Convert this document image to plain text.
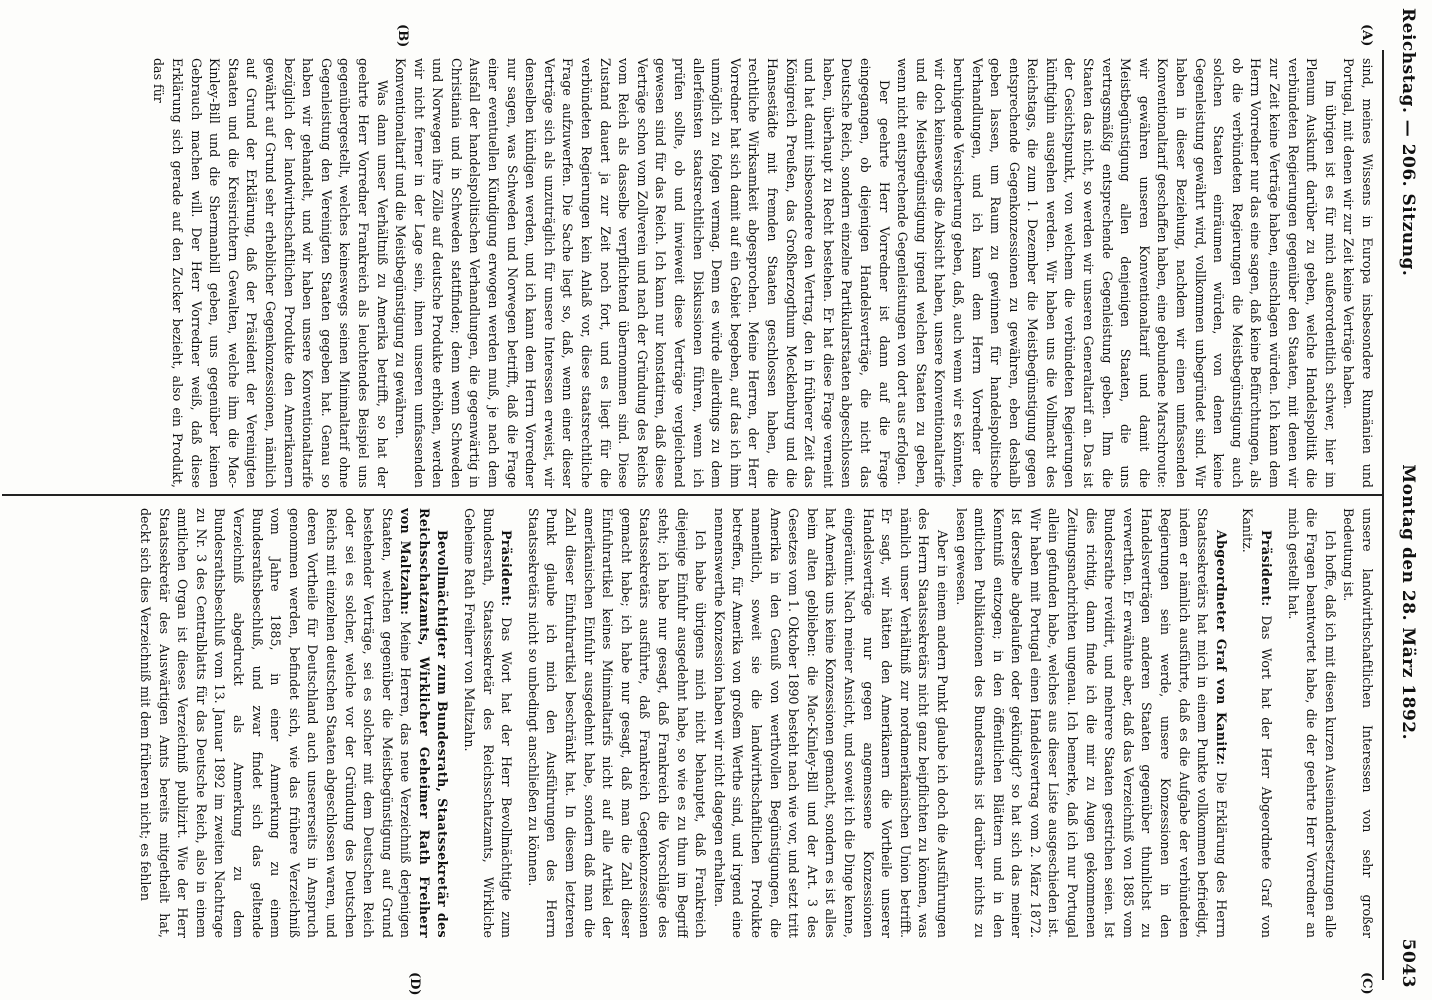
Reichstag. — 206. Sitzung.
Montag den 28. März 1892.
5043
(A)
(B)
(C)
(D)

sind, meines Wissens in Europa insbesondere Rumänien und Portugal, mit denen wir zur Zeit keine Verträge haben.

Im übrigen ist es für mich außerordentlich schwer, hier im Plenum Auskunft darüber zu geben, welche Handelspolitik die verbündeten Regierungen gegenüber den Staaten, mit denen wir zur Zeit keine Verträge haben, einschlagen würden. Ich kann dem Herrn Vorredner nur das eine sagen, daß keine Befürchtungen, als ob die verbündeten Regierungen die Meistbegünstigung auch solchen Staaten einräumen würden, von denen keine Gegenleistung gewährt wird, vollkommen unbegründet sind. Wir haben in dieser Beziehung, nachdem wir einen umfassenden Konventionaltarif geschaffen haben, eine gebundene Marschroute: wir gewähren unseren Konventionaltarif und damit die Meistbegünstigung allen denjenigen Staaten, die uns vertragsmäßig entsprechende Gegenleistung geben. Ihm die Staaten das nicht, so werden wir unseren Generaltarif an. Das ist der Gesichtspunkt, von welchem die verbündeten Regierungen künftighin ausgehen werden. Wir haben uns die Vollmacht des Reichstags, die zum 1. Dezember die Meistbegünstigung gegen entsprechende Gegenkonzessionen zu gewähren, eben deshalb geben lassen, um Raum zu gewinnen für handelspolitische Verhandlungen, und ich kann dem Herrn Vorredner die beruhigende Versicherung geben, daß, auch wenn wir es könnten, wir doch keineswegs die Absicht haben, unsere Konventionaltarife und die Meistbegünstigung irgend welchen Staaten zu geben, wenn nicht entsprechende Gegenleistungen von dort aus erfolgen.

Der geehrte Herr Vorredner ist dann auf die Frage eingegangen, ob diejenigen Handelsverträge, die nicht das Deutsche Reich, sondern einzelne Partikularstaaten abgeschlossen haben, überhaupt zu Recht bestehen. Er hat diese Frage verneint und hat damit insbesondere den Vertrag, den in früherer Zeit das Königreich Preußen, das Großherzogthum Mecklenburg und die Hansestädte mit fremden Staaten geschlossen haben, die rechtliche Wirksamkeit abgesprochen. Meine Herren, der Herr Vorredner hat sich damit auf ein Gebiet begeben, auf das ich ihm unmöglich zu folgen vermag. Denn es würde allerdings zu dem allerfeinsten staatsrechtlichen Diskussionen führen, wenn ich prüfen sollte, ob und inwieweit diese Verträge vergleichend gewesen sind für das Reich. Ich kann nur konstatiren, daß diese Verträge schon vom Zollverein und nach der Gründung des Reichs vom Reich als dasselbe verpflichtend übernommen sind. Diese Zustand dauert ja zur Zeit noch fort, und es liegt für die verbündeten Regierungen kein Anlaß vor, diese staatsrechtliche Frage aufzuwerfen. Die Sache liegt so, daß, wenn einer dieser Verträge sich als unzuträglich für unsere Interessen erweist, wir denselben kündigen werden, und ich kann dem Herrn Vorredner nur sagen, was Schweden und Norwegen betrifft, daß die Frage einer eventuellen Kündigung erwogen werden muß, je nach dem Ausfall der handelspolitischen Verhandlungen, die gegenwärtig in Christiania und in Schweden stattfinden; denn wenn Schweden und Norwegen ihre Zölle auf deutsche Produkte erhöhen, werden wir nicht ferner in der Lage sein, ihnen unseren umfassenden Konventionaltarif und die Meistbegünstigung zu gewähren.

Was dann unser Verhältniß zu Amerika betrifft, so hat der geehrte Herr Vorredner Frankreich als leuchtendes Beispiel uns gegenübergestellt, welches keineswegs seinen Minimaltarif ohne Gegenleistung den Vereinigten Staaten gegeben hat. Genau so haben wir gehandelt, und wir haben unsere Konventionaltarife bezüglich der landwirthschaftlichen Produkte den Amerikanern gewährt auf Grund sehr erheblicher Gegenkonzessionen, nämlich auf Grund der Erklärung, daß der Präsident der Vereinigten Staaten und die Kreisrichtern Gewalten, welche ihm die Mac-Kinley-Bill und die Shermanbill geben, uns gegenüber keinen Gebrauch machen will. Der Herr Vorredner weiß, daß diese Erklärung sich gerade auf den Zucker bezieht, also ein Produkt, das für

unsere landwirthschaftlichen Interessen von sehr großer Bedeutung ist.

Ich hoffe, daß ich mit diesen kurzen Auseinandersetzungen alle die Fragen beantwortet habe, die der geehrte Herr Vorredner an mich gestellt hat.

Präsident: Das Wort hat der Herr Abgeordnete Graf von Kanitz.

Abgeordneter Graf von Kanitz: Die Erklärung des Herrn Staatssekretärs hat mich in einem Punkte vollkommen befriedigt, indem er nämlich ausführte, daß es die Aufgabe der verbündeten Regierungen sein werde, unsere Konzessionen in den Handelsverträgen anderen Staaten gegenüber thunlichst zu verwerthen. Er erwähnte aber, daß das Verzeichniß von 1885 vom Bundesrathe revidirt, und mehrere Staaten gestrichen seien. Ist dies richtig, dann finde ich die mir zu Augen gekommenen Zeitungsnachrichten ungenau. Ich bemerke, daß ich nur Portugal allein gefunden habe, welches aus dieser Liste ausgeschieden ist. Wir haben mit Portugal einen Handelsvertrag vom 2. März 1872. Ist derselbe abgelaufen oder gekündigt? so hat sich das meiner Kenntniß entzogen; in den öffentlichen Blättern und in den amtlichen Publikationen des Bundesraths ist darüber nichts zu lesen gewesen.

Aber in einem andern Punkt glaube ich doch die Ausführungen des Herrn Staatssekretärs nicht ganz beipflichten zu können, was nämlich unser Verhältniß zur nordamerikanischen Union betrifft. Er sagt, wir hätten den Amerikanern die Vortheile unserer Handelsverträge nur gegen angemessene Konzessionen eingeräumt. Nach meiner Ansicht, und soweit ich die Dinge kenne, hat Amerika uns keine Konzessionen gemacht, sondern es ist alles beim alten geblieben: die Mac-Kinley-Bill und der Art. 3 des Gesetzes vom 1. Oktober 1890 besteht nach wie vor, und setzt tritt Amerika in den Genuß von werthvollen Begünstigungen, die namentlich, soweit sie die landwirthschaftlichen Produkte betreffen, für Amerika von großem Werthe sind, und irgend eine nennenswerthe Konzession haben wir nicht dagegen erhalten.

Ich habe übrigens mich nicht behauptet, daß Frankreich diejenige Einfuhr ausgedehnt habe, so wie es zu thun im Begriff steht; ich habe nur gesagt, daß Frankreich die Vorschläge des Staatssekretärs ausführte, daß Frankreich Gegenkonzessionen gemacht habe; ich habe nur gesagt, daß man die Zahl dieser Einfuhrartikel keines Minimaltarifs nicht auf alle Artikel der amerikanischen Einfuhr ausgedehnt habe, sondern daß man die Zahl dieser Einfuhrartikel beschränkt hat. In diesem letzteren Punkt glaube ich mich den Ausführungen des Herrn Staatssekretärs nicht so unbedingt anschließen zu können.

Präsident: Das Wort hat der Herr Bevollmächtigte zum Bundesrath, Staatssekretär des Reichsschatzamts, Wirkliche Geheime Rath Freiherr von Maltzahn.

Bevollmächtigter zum Bundesrath, Staatssekretär des Reichsschatzamts, Wirklicher Geheimer Rath Freiherr von Maltzahn: Meine Herren, das neue Verzeichniß derjenigen Staaten, welchen gegenüber die Meistbegünstigung auf Grund bestehender Verträge, sei es solcher mit dem Deutschen Reich oder sei es solcher, welche vor der Gründung des Deutschen Reichs mit einzelnen deutschen Staaten abgeschlossen waren, und deren Vortheile für Deutschland auch unsererseits in Anspruch genommen werden, befindet sich, wie das frühere Verzeichniß vom Jahre 1885, in einer Anmerkung zu einem Bundesrathsbeschluß, und zwar findet sich das geltende Verzeichniß abgedruckt als Anmerkung zu dem Bundesrathsbeschluß vom 13. Januar 1892 im zweiten Nachtrage zu Nr. 3 des Centralblatts für das Deutsche Reich, also in einem amtlichen Organ ist dieses Verzeichniß publizirt. Wie der Herr Staatssekretär des Auswärtigen Amts bereits mitgetheilt hat, deckt sich dies Verzeichniß mit dem früheren nicht; es fehlen
